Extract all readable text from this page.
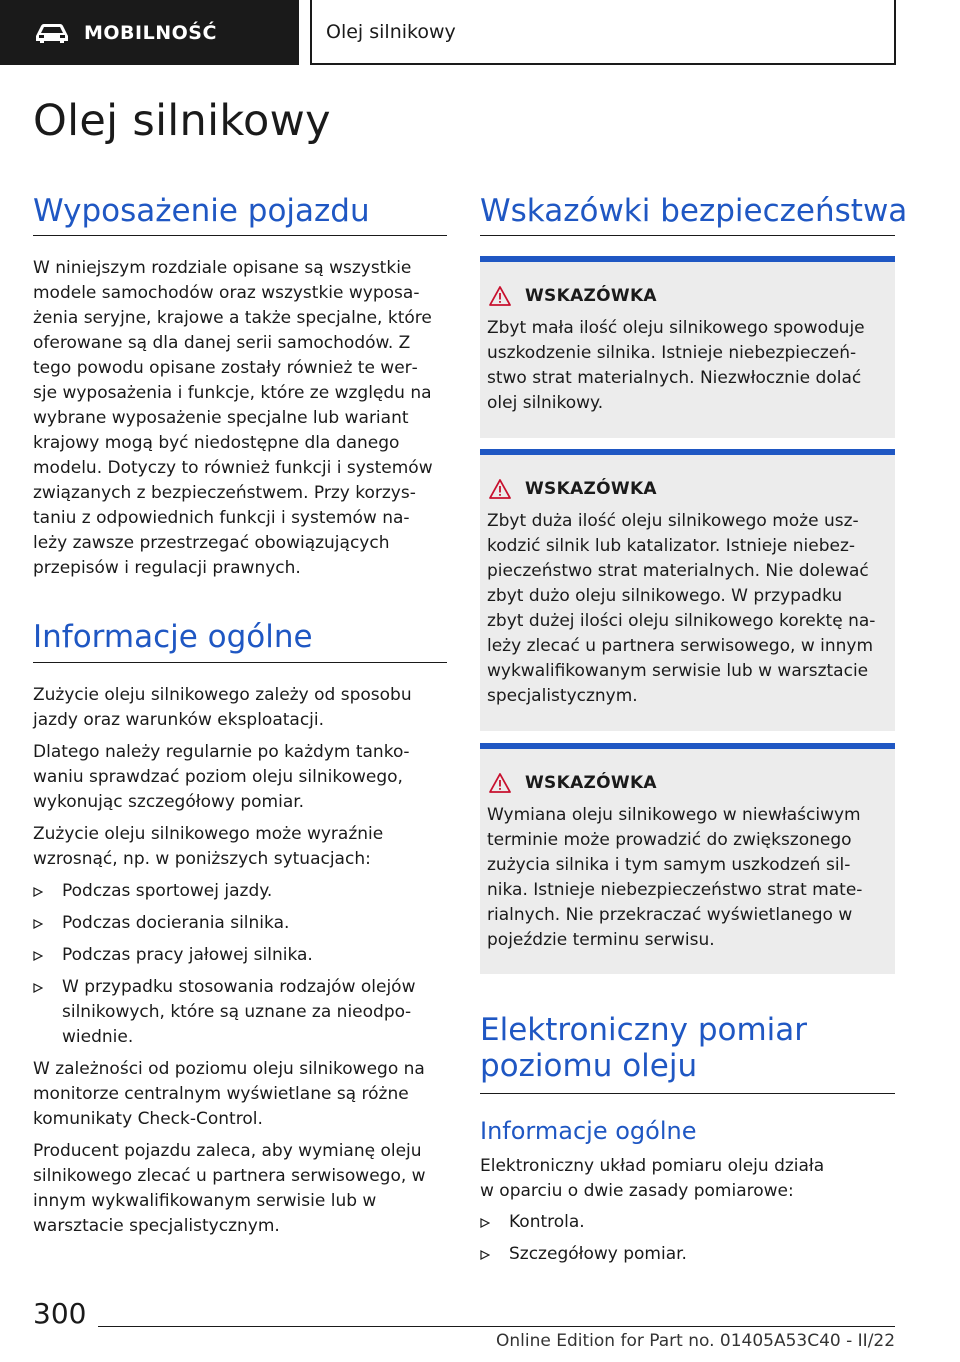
MOBILNOŚĆ	Olej silnikowy
Olej silnikowy
Wyposażenie pojazdu
W niniejszym rozdziale opisane są wszystkie
modele samochodów oraz wszystkie wyposa‐
żenia seryjne, krajowe a także specjalne, które
oferowane są dla danej serii samochodów. Z
tego powodu opisane zostały również te wer‐
sje wyposażenia i funkcje, które ze względu na
wybrane wyposażenie specjalne lub wariant
krajowy mogą być niedostępne dla danego
modelu. Dotyczy to również funkcji i systemów
związanych z bezpieczeństwem. Przy korzys‐
taniu z odpowiednich funkcji i systemów na‐
leży zawsze przestrzegać obowiązujących
przepisów i regulacji prawnych.
Informacje ogólne
Zużycie oleju silnikowego zależy od sposobu
jazdy oraz warunków eksploatacji.
Dlatego należy regularnie po każdym tanko‐
waniu sprawdzać poziom oleju silnikowego,
wykonując szczegółowy pomiar.
Zużycie oleju silnikowego może wyraźnie
wzrosnąć, np. w poniższych sytuacjach:
Podczas sportowej jazdy.
Podczas docierania silnika.
Podczas pracy jałowej silnika.
W przypadku stosowania rodzajów olejów
silnikowych, które są uznane za nieodpo‐
wiednie.
W zależności od poziomu oleju silnikowego na
monitorze centralnym wyświetlane są różne
komunikaty Check-Control.
Producent pojazdu zaleca, aby wymianę oleju
silnikowego zlecać u partnera serwisowego, w
innym wykwalifikowanym serwisie lub w
warsztacie specjalistycznym.
Wskazówki bezpieczeństwa
WSKAZÓWKA
Zbyt mała ilość oleju silnikowego spowoduje
uszkodzenie silnika. Istnieje niebezpieczeń‐
stwo strat materialnych. Niezwłocznie dolać
olej silnikowy.
WSKAZÓWKA
Zbyt duża ilość oleju silnikowego może usz‐
kodzić silnik lub katalizator. Istnieje niebez‐
pieczeństwo strat materialnych. Nie dolewać
zbyt dużo oleju silnikowego. W przypadku
zbyt dużej ilości oleju silnikowego korektę na‐
leży zlecać u partnera serwisowego, w innym
wykwalifikowanym serwisie lub w warsztacie
specjalistycznym.
WSKAZÓWKA
Wymiana oleju silnikowego w niewłaściwym
terminie może prowadzić do zwiększonego
zużycia silnika i tym samym uszkodzeń sil‐
nika. Istnieje niebezpieczeństwo strat mate‐
rialnych. Nie przekraczać wyświetlanego w
pojeździe terminu serwisu.
Elektroniczny pomiar
poziomu oleju
Informacje ogólne
Elektroniczny układ pomiaru oleju działa
w oparciu o dwie zasady pomiarowe:
Kontrola.
Szczegółowy pomiar.
300
Online Edition for Part no. 01405A53C40 - II/22
